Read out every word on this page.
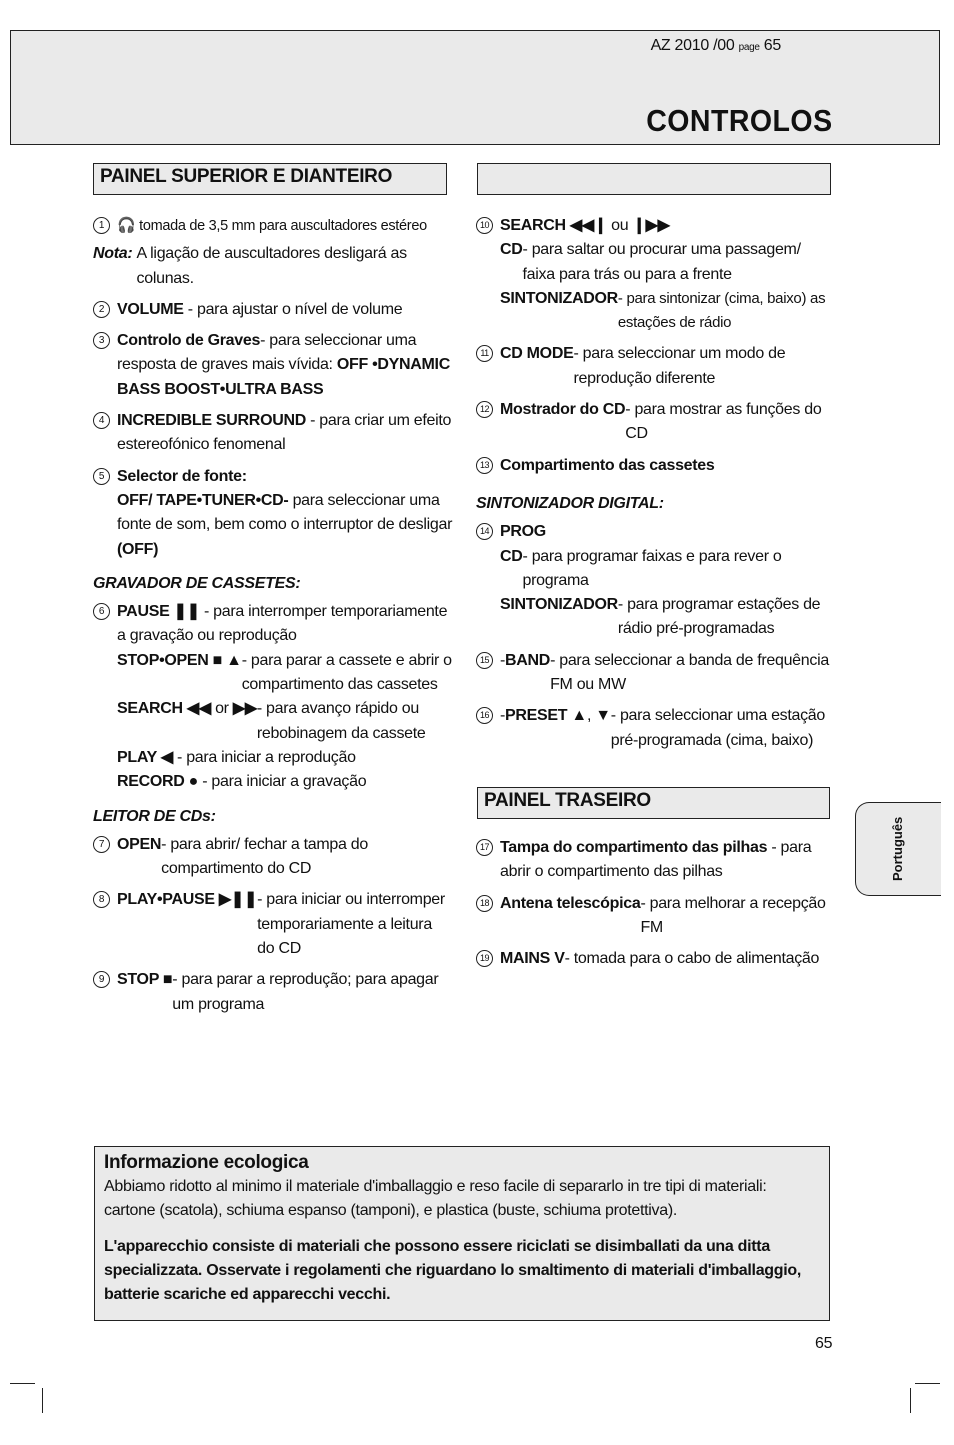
AZ 2010 /00 page 65
CONTROLOS
PAINEL SUPERIOR E DIANTEIRO
1 🎧 tomada de 3,5 mm para auscultadores estéreo
Nota:
A ligação de auscultadores desligará as colunas.
2 VOLUME - para ajustar o nível de volume
3 Controlo de Graves- para seleccionar uma resposta de graves mais vívida: OFF •DYNAMIC BASS BOOST•ULTRA BASS
4 INCREDIBLE SURROUND - para criar um efeito estereofónico fenomenal
5 Selector de fonte:
OFF/ TAPE•TUNER•CD- para seleccionar uma fonte de som, bem como o interruptor de desligar (OFF)
GRAVADOR DE CASSETES:
6 PAUSE ❚❚ - para interromper temporariamente a gravação ou reprodução
STOP•OPEN ■ ▲ - para parar a cassete e abrir o compartimento das cassetes
SEARCH ◀◀ or ▶▶ - para avanço rápido ou rebobinagem da cassete
PLAY ◀ - para iniciar a reprodução
RECORD ● - para iniciar a gravação
LEITOR DE CDs:
7 OPEN - para abrir/ fechar a tampa do compartimento do CD
8 PLAY•PAUSE ▶❚❚ - para iniciar ou interromper temporariamente a leitura do CD
9 STOP ■ - para parar a reprodução; para apagar um programa
10 SEARCH ◀◀❙ ou ❙▶▶
CD - para saltar ou procurar uma passagem/ faixa para trás ou para a frente
SINTONIZADOR - para sintonizar (cima, baixo) as estações de rádio
11 CD MODE - para seleccionar um modo de reprodução diferente
12 Mostrador do CD - para mostrar as funções do CD
13 Compartimento das cassetes
SINTONIZADOR DIGITAL:
14 PROG
CD - para programar faixas e para rever o programa
SINTONIZADOR - para programar estações de rádio pré-programadas
15 -BAND - para seleccionar a banda de frequência FM ou MW
16 -PRESET ▲, ▼ - para seleccionar uma estação pré-programada (cima, baixo)
PAINEL TRASEIRO
17 Tampa do compartimento das pilhas - para abrir o compartimento das pilhas
18 Antena telescópica - para melhorar a recepção FM
19 MAINS V - tomada para o cabo de alimentação
Português
Informazione ecologica

Abbiamo ridotto al minimo il materiale d'imballaggio e reso facile di separarlo in tre tipi di materiali: cartone (scatola), schiuma espanso (tamponi), e plastica (buste, schiuma protettiva).

L'apparecchio consiste di materiali che possono essere riciclati se disimballati da una ditta specializzata. Osservate i regolamenti che riguardano lo smaltimento di materiali d'imballaggio, batterie scariche ed apparecchi vecchi.

65
